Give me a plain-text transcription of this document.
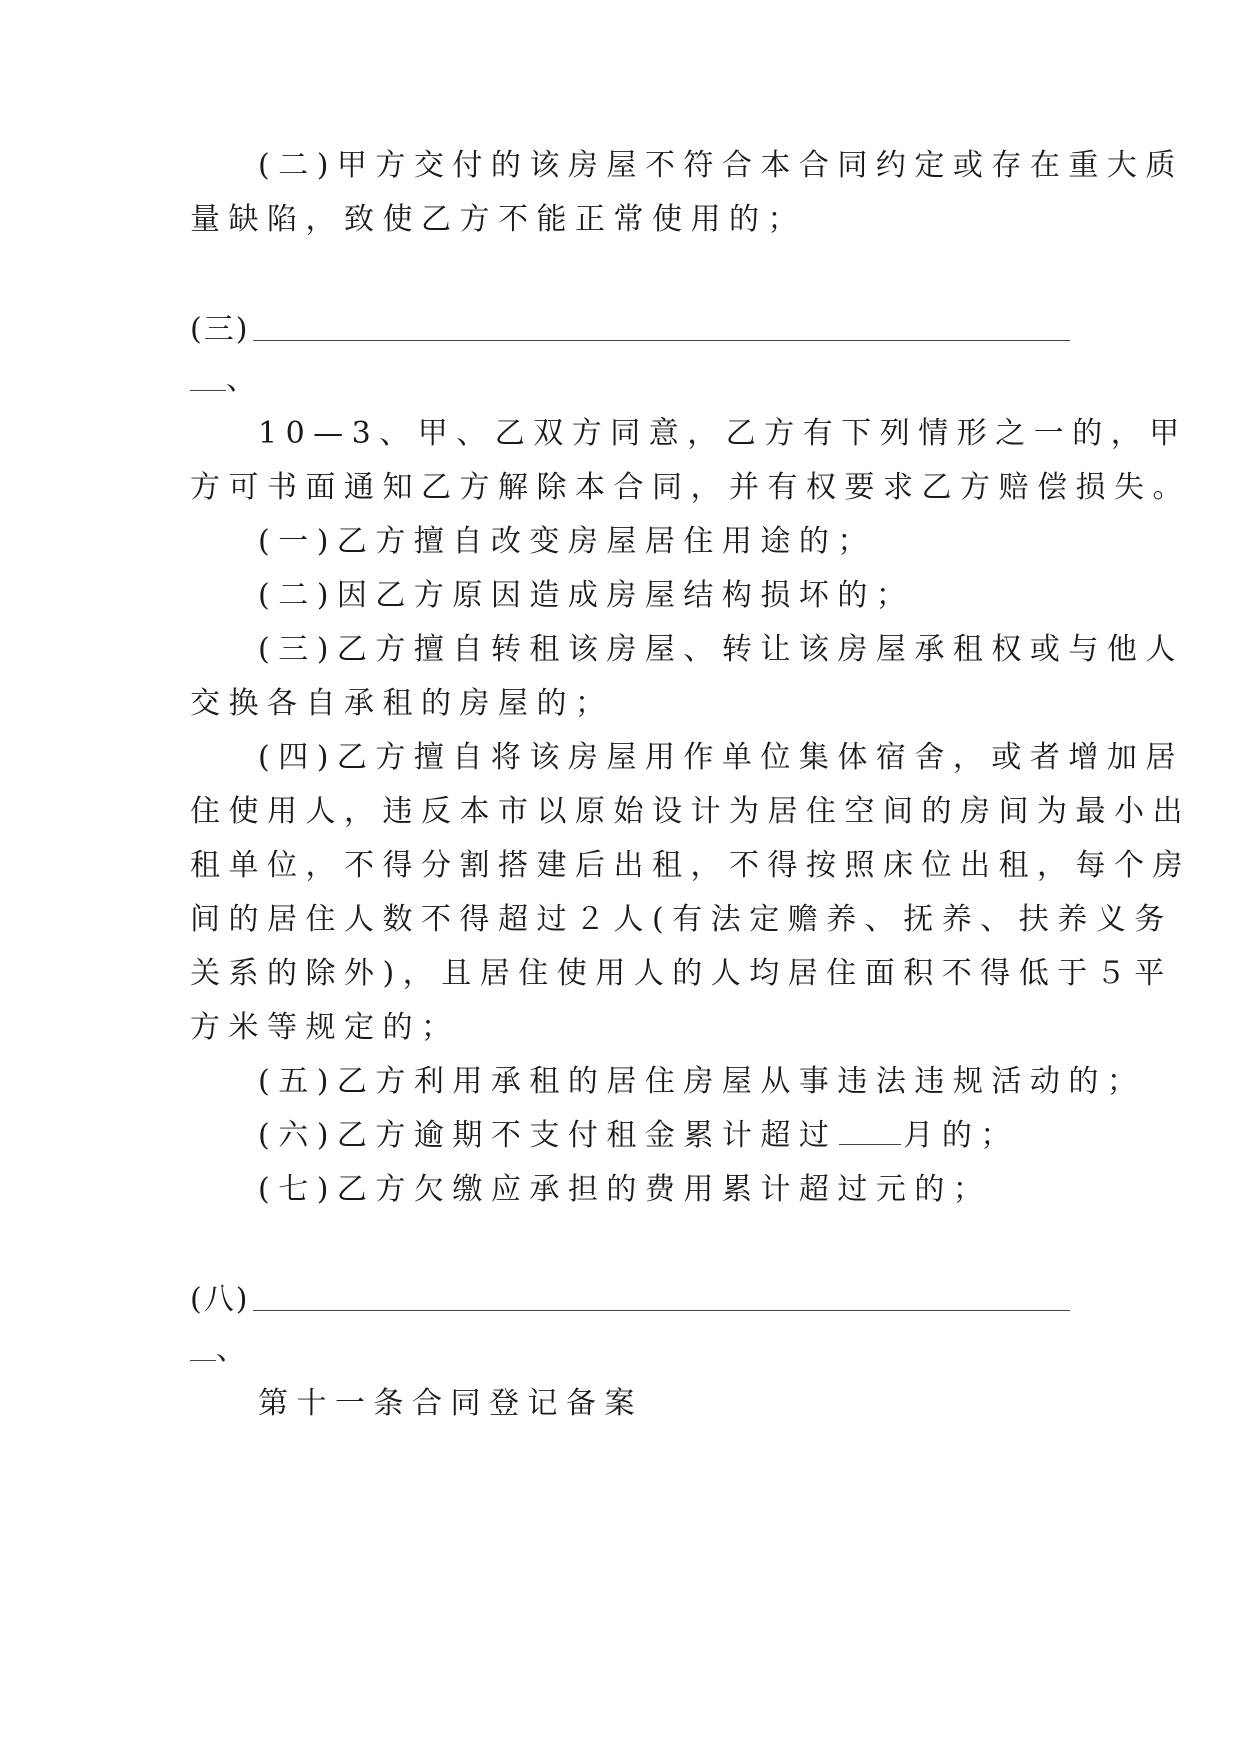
(二)甲方交付的该房屋不符合本合同约定或存在重大质
量缺陷，致使乙方不能正常使用的；
(三)
、
10—3、甲、乙双方同意，乙方有下列情形之一的，甲
方可书面通知乙方解除本合同，并有权要求乙方赔偿损失。
(一)乙方擅自改变房屋居住用途的；
(二)因乙方原因造成房屋结构损坏的；
(三)乙方擅自转租该房屋、转让该房屋承租权或与他人
交换各自承租的房屋的；
(四)乙方擅自将该房屋用作单位集体宿舍，或者增加居
住使用人，违反本市以原始设计为居住空间的房间为最小出
租单位，不得分割搭建后出租，不得按照床位出租，每个房
间的居住人数不得超过２人(有法定赡养、抚养、扶养义务
关系的除外)，且居住使用人的人均居住面积不得低于５平
方米等规定的；
(五)乙方利用承租的居住房屋从事违法违规活动的；
(六)乙方逾期不支付租金累计超过 月的；
(七)乙方欠缴应承担的费用累计超过元的；
(八)
、
第十一条合同登记备案
